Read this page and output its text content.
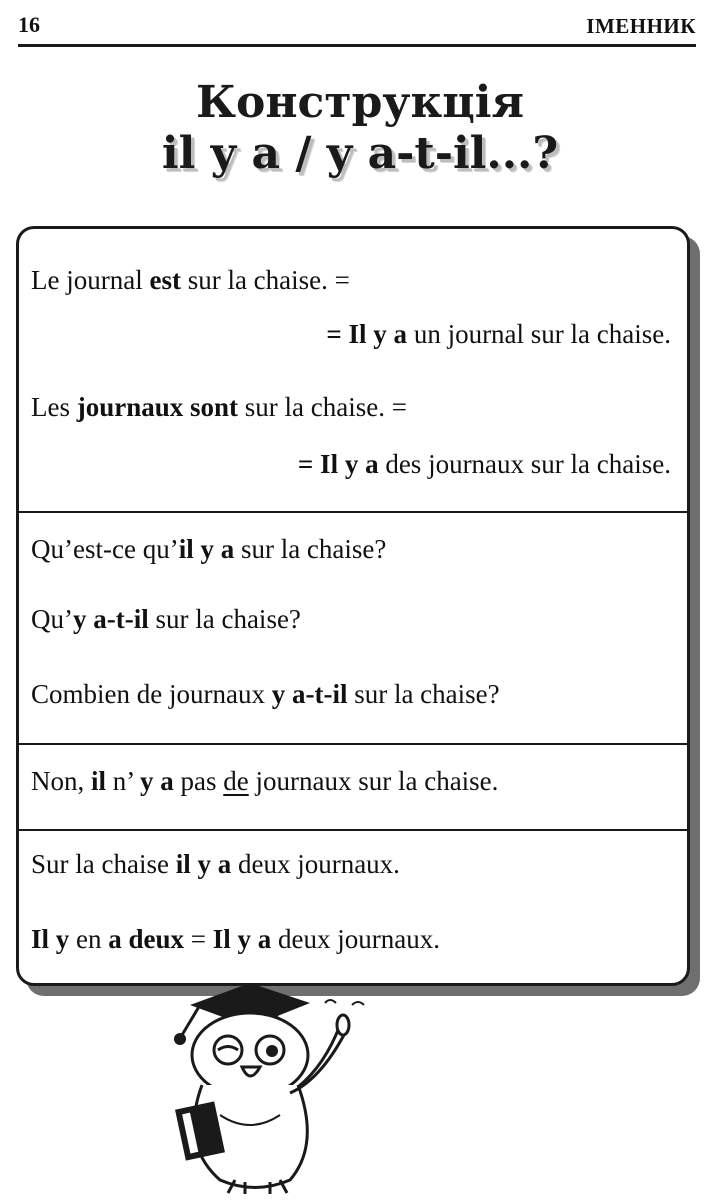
16	ІМЕННИК
Конструкція
il y a / y a-t-il...?
Le journal est sur la chaise. =
= Il y a un journal sur la chaise.
Les journaux sont sur la chaise. =
= Il y a des journaux sur la chaise.
Qu’est-ce qu’il y a sur la chaise?
Qu’y a-t-il sur la chaise?
Combien de journaux y a-t-il sur la chaise?
Non, il n’ y a pas de journaux sur la chaise.
Sur la chaise il y a deux journaux.
Il y en a deux = Il y a deux journaux.
